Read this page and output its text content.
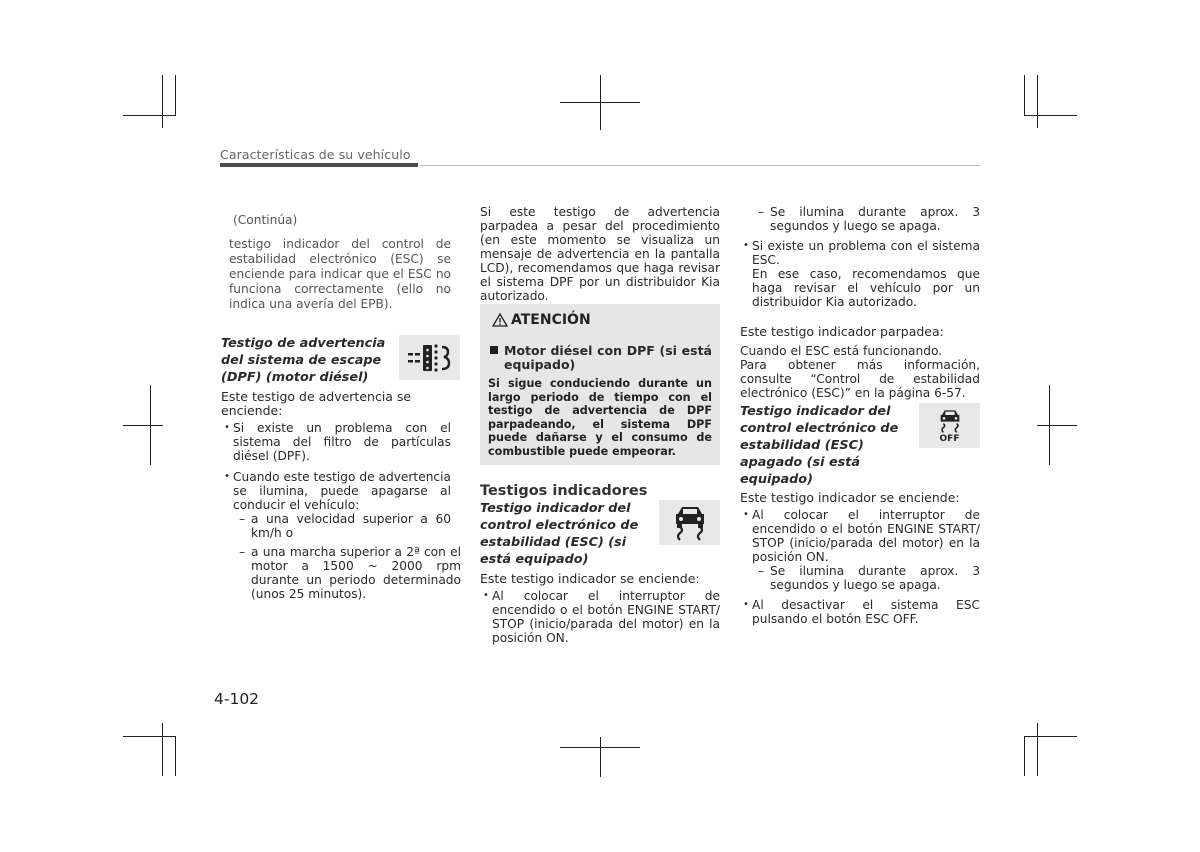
Características de su vehículo

(Continúa)

testigo indicador del control de estabilidad electrónico (ESC) se enciende para indicar que el ESC no funciona correctamente (ello no indica una avería del EPB).

Testigo de advertencia del sistema de escape (DPF) (motor diésel)

Este testigo de advertencia se enciende:

• Si existe un problema con el sistema del filtro de partículas diésel (DPF).

• Cuando este testigo de advertencia se ilumina, puede apagarse al conducir el vehículo:

– a una velocidad superior a 60 km/h o

– a una marcha superior a 2ª con el motor a 1500 ~ 2000 rpm durante un periodo determinado (unos 25 minutos).

Si este testigo de advertencia parpadea a pesar del procedimiento (en este momento se visualiza un mensaje de advertencia en la pantalla LCD), recomendamos que haga revisar el sistema DPF por un distribuidor Kia autorizado.
ATENCIÓN
Motor diésel con DPF (si está equipado)
Si sigue conduciendo durante un largo periodo de tiempo con el testigo de advertencia de DPF parpadeando, el sistema DPF puede dañarse y el consumo de combustible puede empeorar.
Testigos indicadores
Testigo indicador del control electrónico de estabilidad (ESC) (si está equipado)

Este testigo indicador se enciende:

• Al colocar el interruptor de encendido o el botón ENGINE START/ STOP (inicio/parada del motor) en la posición ON.

– Se ilumina durante aprox. 3 segundos y luego se apaga.

• Si existe un problema con el sistema ESC.

En ese caso, recomendamos que haga revisar el vehículo por un distribuidor Kia autorizado.

Este testigo indicador parpadea:

Cuando el ESC está funcionando.

Para obtener más información, consulte “Control de estabilidad electrónico (ESC)” en la página 6-57.

Testigo indicador del control electrónico de estabilidad (ESC) apagado (si está equipado)
OFF

Este testigo indicador se enciende:

• Al colocar el interruptor de encendido o el botón ENGINE START/ STOP (inicio/parada del motor) en la posición ON.

– Se ilumina durante aprox. 3 segundos y luego se apaga.

• Al desactivar el sistema ESC pulsando el botón ESC OFF.

4-102
